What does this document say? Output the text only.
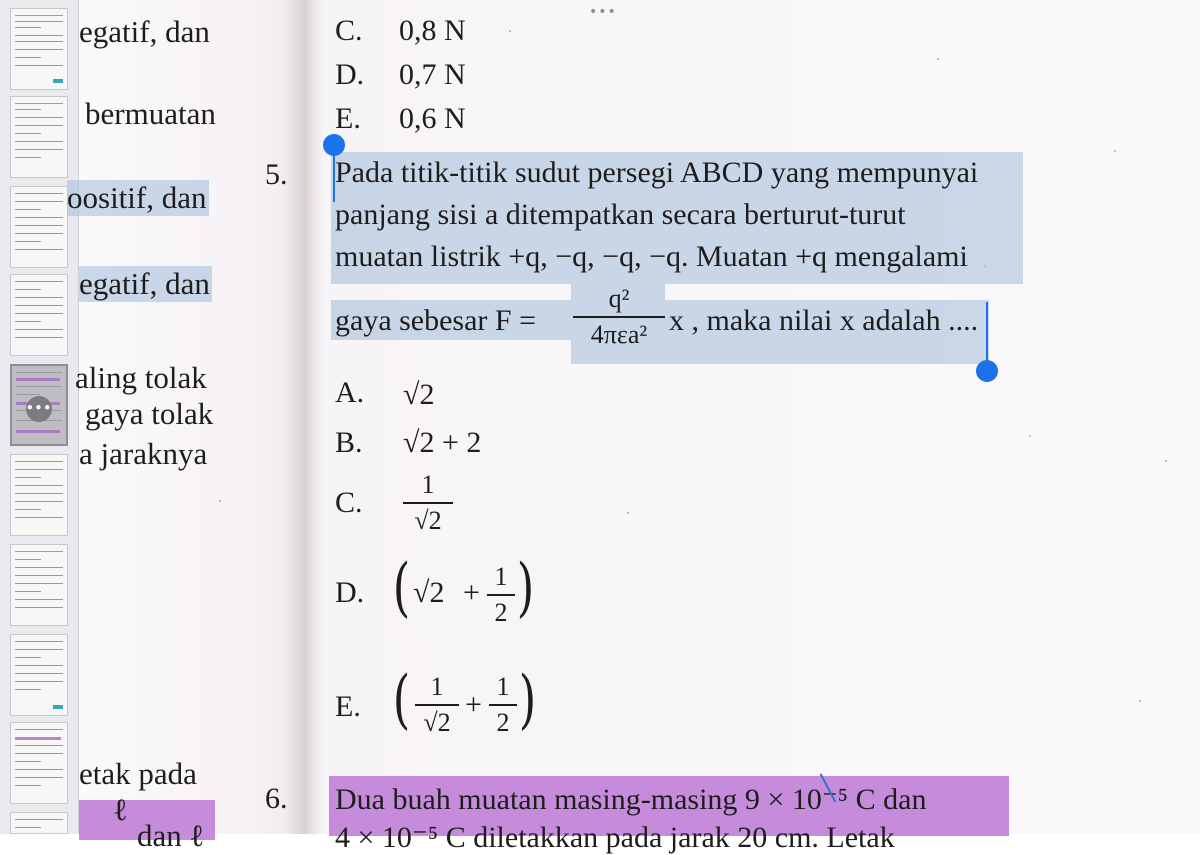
•••
•••
egatif, dan
bermuatan
oositif, dan
egatif, dan
aling tolak
gaya tolak
a jaraknya
etak pada
ℓ
dan ℓ
C. 0,8 N
D. 0,7 N
E. 0,6 N
5. Pada titik-titik sudut persegi ABCD yang mempunyai
panjang sisi a ditempatkan secara berturut-turut
muatan listrik +q, −q, −q, −q. Muatan +q mengalami
gaya sebesar F =
q²
4πεa² x , maka nilai x adalah ....
A. √2
B. √2 + 2
C.
1
√2
D. ( √2 + 1
2 )
E. ( 1
√2
+
1
2 )
6. Dua buah muatan masing-masing 9 × 10⁻⁵ C dan
4 × 10⁻⁵ C diletakkan pada jarak 20 cm. Letak
